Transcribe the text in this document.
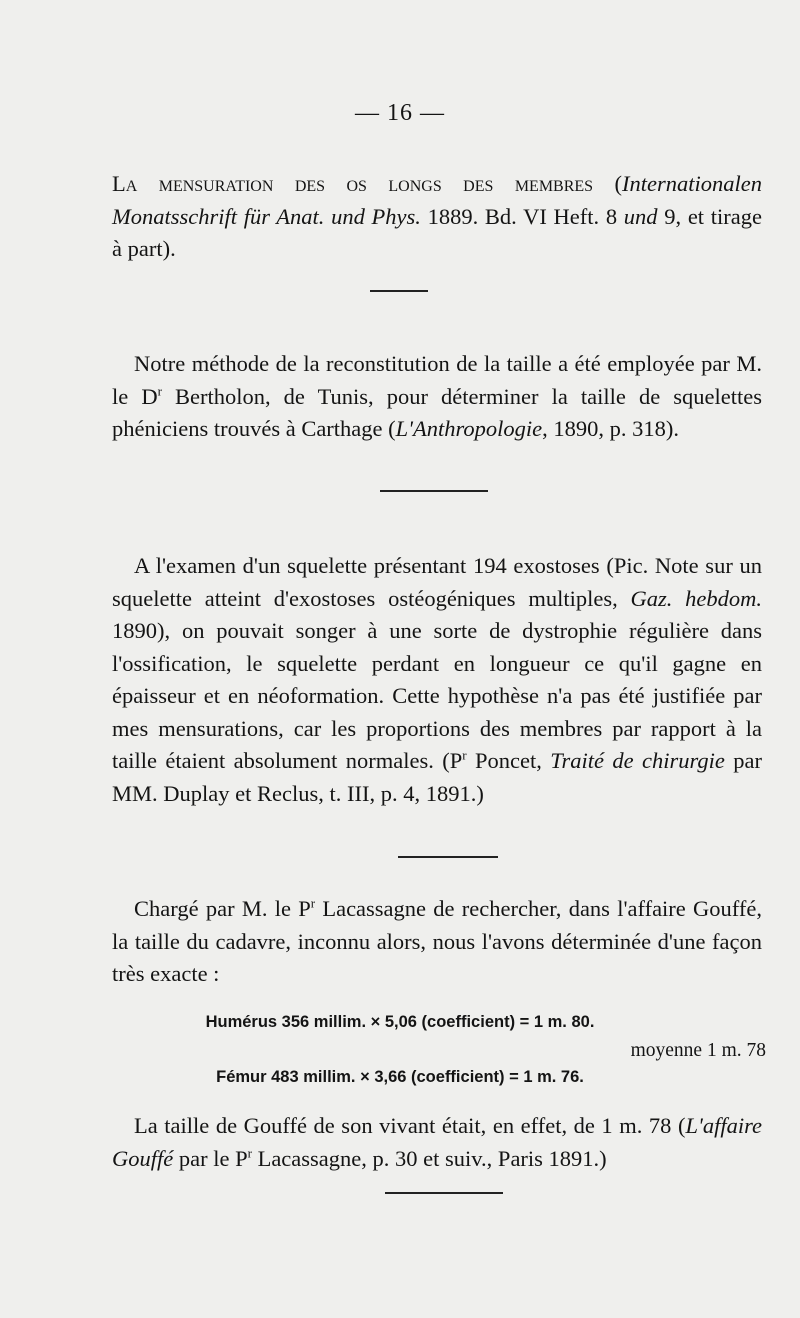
— 16 —
La mensuration des os longs des membres (Internationalen Monatsschrift für Anat. und Phys. 1889. Bd. VI Heft. 8 und 9, et tirage à part).
Notre méthode de la reconstitution de la taille a été employée par M. le $D^r$ Bertholon, de Tunis, pour déterminer la taille de squelettes phéniciens trouvés à Carthage (L'Anthropologie, 1890, p. 318).
A l'examen d'un squelette présentant 194 exostoses (Pic. Note sur un squelette atteint d'exostoses ostéogéniques multiples, Gaz. hebdom. 1890), on pouvait songer à une sorte de dystrophie régulière dans l'ossification, le squelette perdant en longueur ce qu'il gagne en épaisseur et en néoformation. Cette hypothèse n'a pas été justifiée par mes mensurations, car les proportions des membres par rapport à la taille étaient absolument normales. ($P^r$ Poncet, Traité de chirurgie par MM. Duplay et Reclus, t. III, p. 4, 1891.)
Chargé par M. le $P^r$ Lacassagne de rechercher, dans l'affaire Gouffé, la taille du cadavre, inconnu alors, nous l'avons déterminée d'une façon très exacte :
Humérus 356 millim. × 5,06 (coefficient) = 1 m. 80.
moyenne 1 m. 78
Fémur 483 millim. × 3,66 (coefficient) = 1 m. 76.
La taille de Gouffé de son vivant était, en effet, de 1 m. 78 (L'affaire Gouffé par le $P^r$ Lacassagne, p. 30 et suiv., Paris 1891.)
